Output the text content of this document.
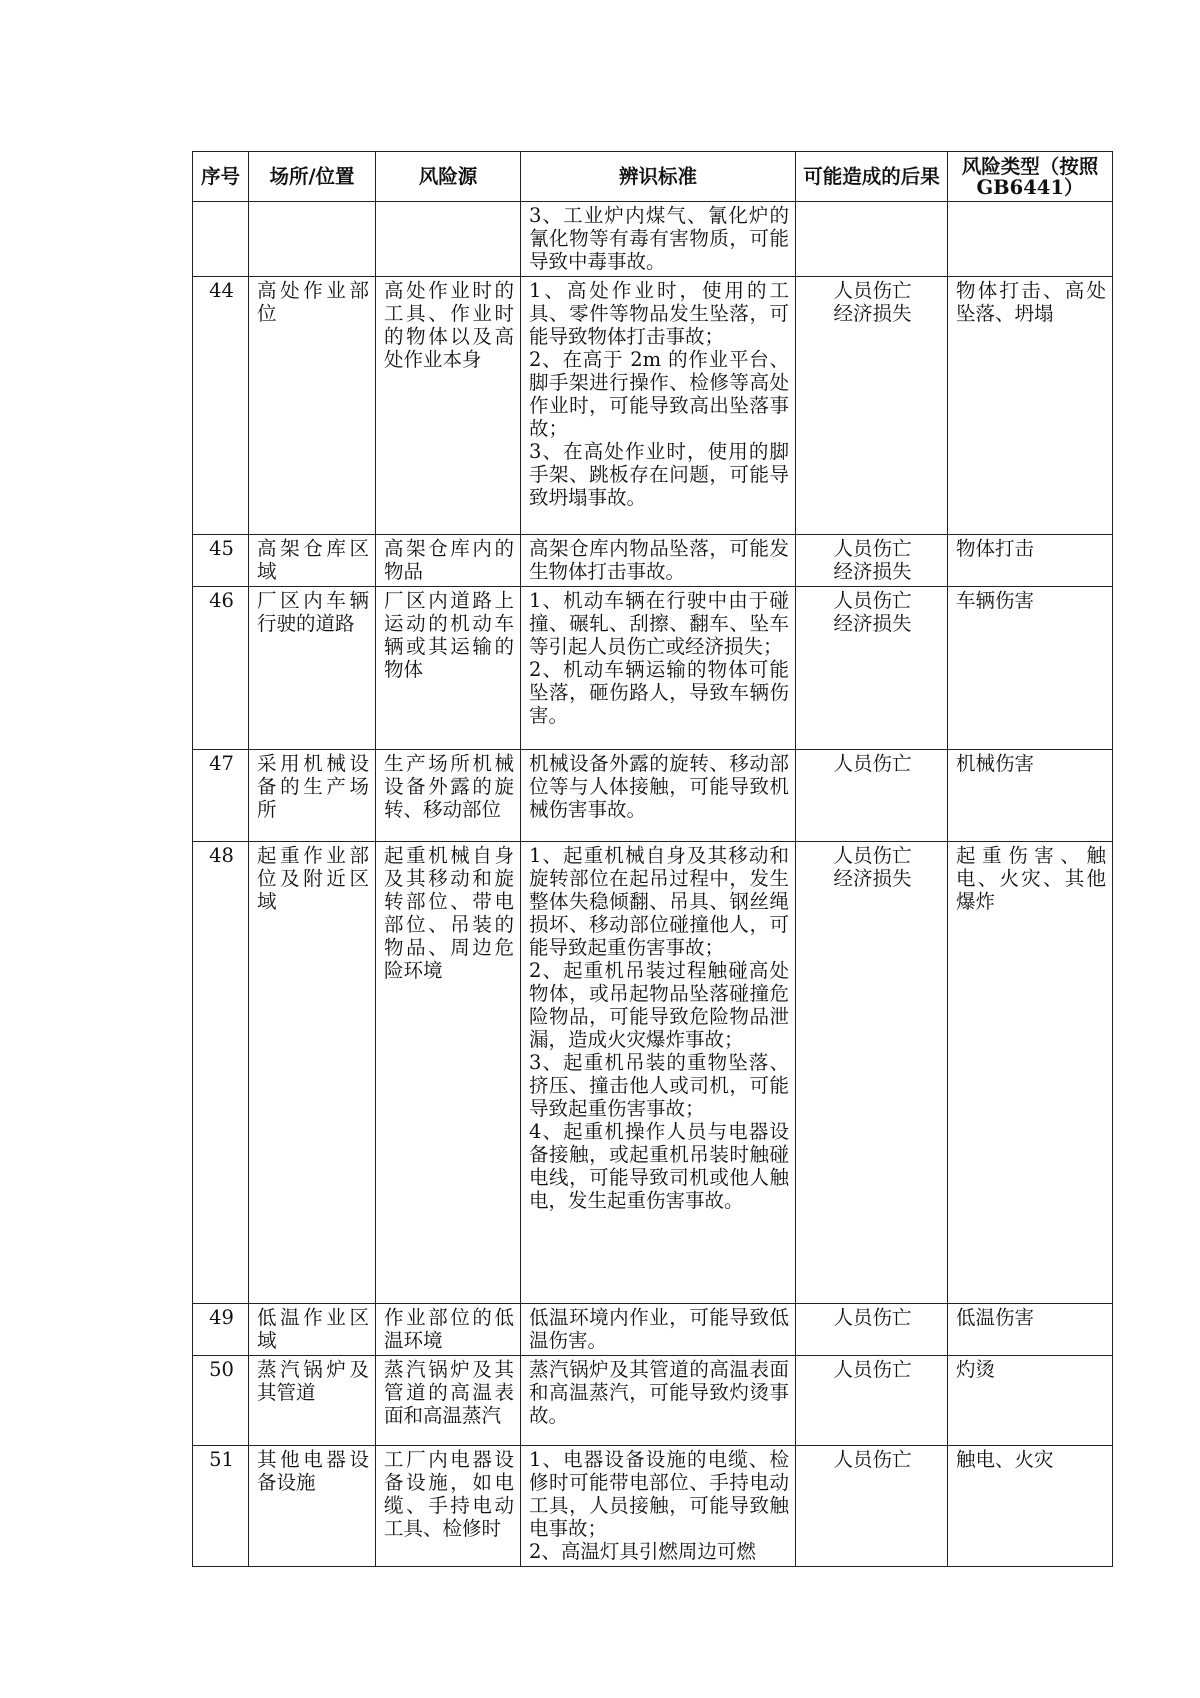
序号	场所/位置	风险源	辨识标准	可能造成的后果	风险类型（按照 GB6441）

			3、工业炉内煤气、氰化炉的氰化物等有毒有害物质，可能导致中毒事故。		

44	高处作业部位	高处作业时的工具、作业时的物体以及高处作业本身	1、高处作业时，使用的工具、零件等物品发生坠落，可能导致物体打击事故；
2、在高于 2m 的作业平台、脚手架进行操作、检修等高处作业时，可能导致高出坠落事故；
3、在高处作业时，使用的脚手架、跳板存在问题，可能导致坍塌事故。	人员伤亡
经济损失	物体打击、高处坠落、坍塌

45	高架仓库区域	高架仓库内的物品	高架仓库内物品坠落，可能发生物体打击事故。	人员伤亡
经济损失	物体打击

46	厂区内车辆行驶的道路	厂区内道路上运动的机动车辆或其运输的物体	1、机动车辆在行驶中由于碰撞、碾轧、刮擦、翻车、坠车等引起人员伤亡或经济损失；
2、机动车辆运输的物体可能坠落，砸伤路人，导致车辆伤害。	人员伤亡
经济损失	车辆伤害

47	采用机械设备的生产场所	生产场所机械设备外露的旋转、移动部位	机械设备外露的旋转、移动部位等与人体接触，可能导致机械伤害事故。	人员伤亡	机械伤害

48	起重作业部位及附近区域	起重机械自身及其移动和旋转部位、带电部位、吊装的物品、周边危险环境	1、起重机械自身及其移动和旋转部位在起吊过程中，发生整体失稳倾翻、吊具、钢丝绳损坏、移动部位碰撞他人，可能导致起重伤害事故；
2、起重机吊装过程触碰高处物体，或吊起物品坠落碰撞危险物品，可能导致危险物品泄漏，造成火灾爆炸事故；
3、起重机吊装的重物坠落、挤压、撞击他人或司机，可能导致起重伤害事故；
4、起重机操作人员与电器设备接触，或起重机吊装时触碰电线，可能导致司机或他人触电，发生起重伤害事故。	人员伤亡
经济损失	起重伤害、触电、火灾、其他爆炸

49	低温作业区域	作业部位的低温环境	低温环境内作业，可能导致低温伤害。	人员伤亡	低温伤害

50	蒸汽锅炉及其管道	蒸汽锅炉及其管道的高温表面和高温蒸汽	蒸汽锅炉及其管道的高温表面和高温蒸汽，可能导致灼烫事故。	人员伤亡	灼烫

51	其他电器设备设施	工厂内电器设备设施，如电缆、手持电动工具、检修时	1、电器设备设施的电缆、检修时可能带电部位、手持电动工具，人员接触，可能导致触电事故；
2、高温灯具引燃周边可燃	人员伤亡	触电、火灾
